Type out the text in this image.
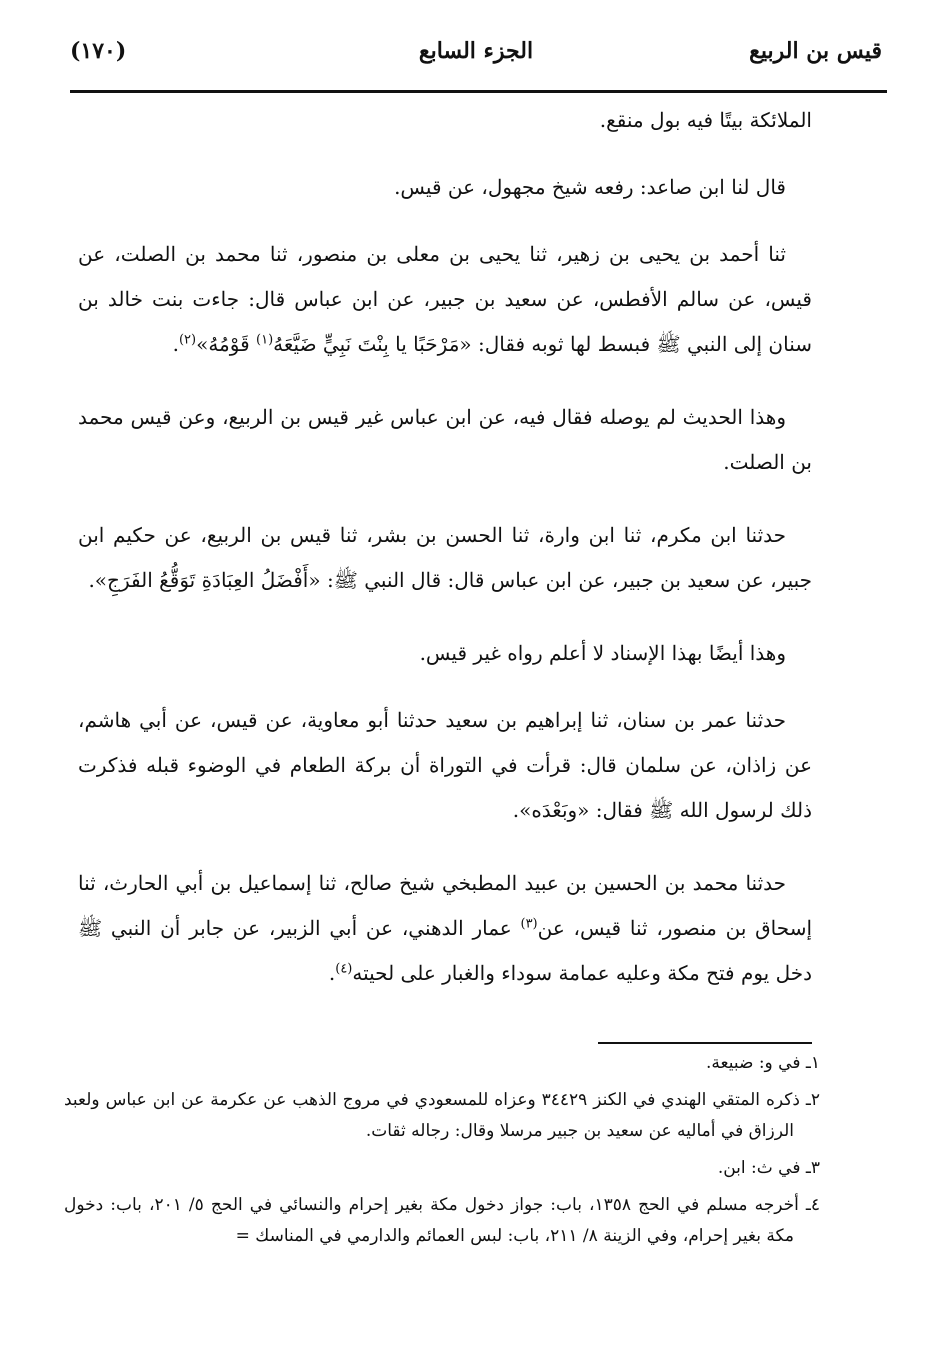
قيس بن الربيع
الجزء السابع
(١٧٠)

الملائكة بيتًا فيه بول منقع.

قال لنا ابن صاعد: رفعه شيخ مجهول، عن قيس.

ثنا أحمد بن يحيى بن زهير، ثنا يحيى بن معلى بن منصور، ثنا محمد بن الصلت، عن قيس، عن سالم الأفطس، عن سعيد بن جبير، عن ابن عباس قال: جاءت بنت خالد بن سنان إلى النبي ﷺ فبسط لها ثوبه فقال: «مَرْحَبًا يا بِنْتَ نَبِيٍّ ضَيَّعَهُ$^{(١)}$ قَوْمُهُ»$^{(٢)}$.

وهذا الحديث لم يوصله فقال فيه، عن ابن عباس غير قيس بن الربيع، وعن قيس محمد بن الصلت.

حدثنا ابن مكرم، ثنا ابن وارة، ثنا الحسن بن بشر، ثنا قيس بن الربيع، عن حكيم ابن جبير، عن سعيد بن جبير، عن ابن عباس قال: قال النبي ﷺ: «أَفْضَلُ العِبَادَةِ تَوَقُّعُ الفَرَجِ».

وهذا أيضًا بهذا الإسناد لا أعلم رواه غير قيس.

حدثنا عمر بن سنان، ثنا إبراهيم بن سعيد حدثنا أبو معاوية، عن قيس، عن أبي هاشم، عن زاذان، عن سلمان قال: قرأت في التوراة أن بركة الطعام في الوضوء قبله فذكرت ذلك لرسول الله ﷺ فقال: «وبَعْدَه».

حدثنا محمد بن الحسين بن عبيد المطبخي شيخ صالح، ثنا إسماعيل بن أبي الحارث، ثنا إسحاق بن منصور، ثنا قيس، عن$^{(٣)}$ عمار الدهني، عن أبي الزبير، عن جابر أن النبي ﷺ دخل يوم فتح مكة وعليه عمامة سوداء والغبار على لحيته$^{(٤)}$.

١ـ في و: ضبيعة.

٢ـ ذكره المتقي الهندي في الكنز ٣٤٤٢٩ وعزاه للمسعودي في مروج الذهب عن عكرمة عن ابن عباس ولعبد الرزاق في أماليه عن سعيد بن جبير مرسلا وقال: رجاله ثقات.

٣ـ في ث: ابن.

٤ـ أخرجه مسلم في الحج ١٣٥٨، باب: جواز دخول مكة بغير إحرام والنسائي في الحج ٥/ ٢٠١، باب: دخول مكة بغير إحرام، وفي الزينة ٨/ ٢١١، باب: لبس العمائم والدارمي في المناسك =
